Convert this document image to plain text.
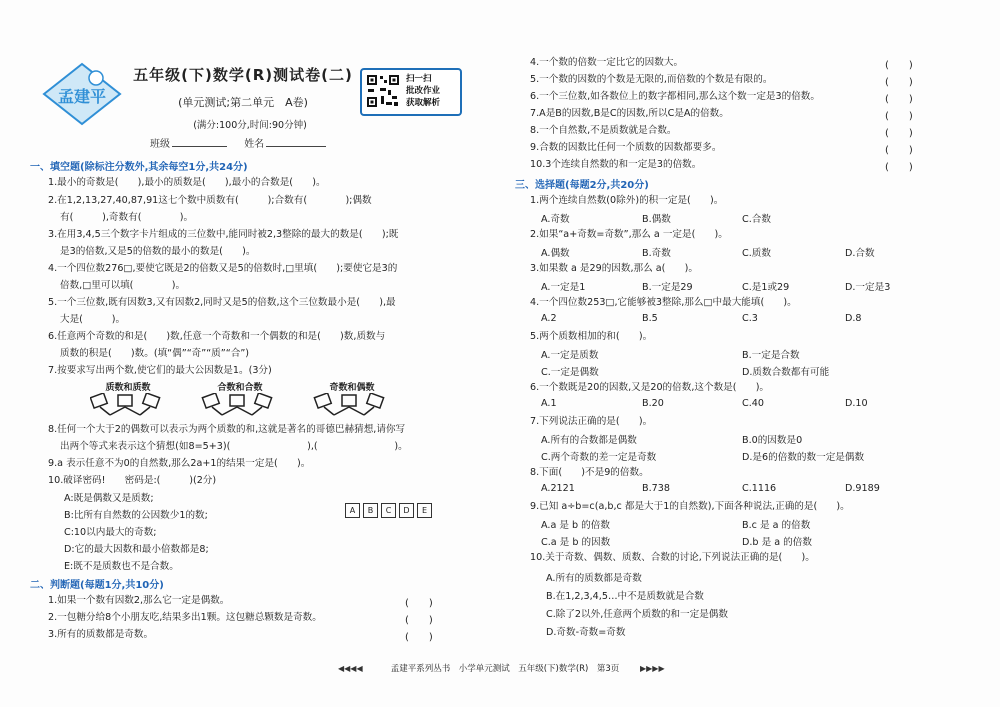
孟建平
五年级(下)数学(R)测试卷(二)
(单元测试;第二单元　A卷)
(满分:100分,时间:90分钟)
班级	姓名
扫一扫
批改作业
获取解析
一、填空题(除标注分数外,其余每空1分,共24分)
1.最小的奇数是(　　),最小的质数是(　　),最小的合数是(　　)。
2.在1,2,13,27,40,87,91这七个数中质数有(　　　);合数有(　　　　);偶数
有(　　　),奇数有(　　　　)。
3.在用3,4,5三个数字卡片组成的三位数中,能同时被2,3整除的最大的数是(　　);既
是3的倍数,又是5的倍数的最小的数是(　　)。
4.一个四位数276□,要使它既是2的倍数又是5的倍数时,□里填(　　);要使它是3的
倍数,□里可以填(　　　　)。
5.一个三位数,既有因数3,又有因数2,同时又是5的倍数,这个三位数最小是(　　),最
大是(　　　)。
6.任意两个奇数的和是(　　)数,任意一个奇数和一个偶数的和是(　　)数,质数与
质数的积是(　　)数。(填“偶”“奇”“质”“合”)
7.按要求写出两个数,使它们的最大公因数是1。(3分)
质数和质数	合数和合数	奇数和偶数
8.任何一个大于2的偶数可以表示为两个质数的和,这就是著名的哥德巴赫猜想,请你写
出两个等式来表示这个猜想(如8=5+3)(　　　　　　　　),(　　　　　　　　)。
9.a 表示任意不为0的自然数,那么2a+1的结果一定是(　　)。
10.破译密码!　　密码是:(　　　)(2分)
A:既是偶数又是质数;
B:比所有自然数的公因数少1的数;
C:10以内最大的奇数;
D:它的最大因数和最小倍数都是8;
E:既不是质数也不是合数。
A	B	C	D	E
二、判断题(每题1分,共10分)
1.如果一个数有因数2,那么它一定是偶数。	(　　)
2.一包糖分给8个小朋友吃,结果多出1颗。这包糖总颗数是奇数。	(　　)
3.所有的质数都是奇数。	(　　)
4.一个数的倍数一定比它的因数大。	(　　)
5.一个数的因数的个数是无限的,而倍数的个数是有限的。	(　　)
6.一个三位数,如各数位上的数字都相同,那么这个数一定是3的倍数。	(　　)
7.A是B的因数,B是C的因数,所以C是A的倍数。	(　　)
8.一个自然数,不是质数就是合数。	(　　)
9.合数的因数比任何一个质数的因数都要多。	(　　)
10.3个连续自然数的和一定是3的倍数。	(　　)
三、选择题(每题2分,共20分)
1.两个连续自然数(0除外)的积一定是(　　)。
A.奇数	B.偶数	C.合数
2.如果“a+奇数=奇数”,那么 a 一定是(　　)。
A.偶数	B.奇数	C.质数	D.合数
3.如果数 a 是29的因数,那么 a(　　)。
A.一定是1	B.一定是29	C.是1或29	D.一定是3
4.一个四位数253□,它能够被3整除,那么□中最大能填(　　)。
A.2	B.5	C.3	D.8
5.两个质数相加的和(　　)。
A.一定是质数	B.一定是合数
C.一定是偶数	D.质数合数都有可能
6.一个数既是20的因数,又是20的倍数,这个数是(　　)。
A.1	B.20	C.40	D.10
7.下列说法正确的是(　　)。
A.所有的合数都是偶数	B.0的因数是0
C.两个奇数的差一定是奇数	D.是6的倍数的数一定是偶数
8.下面(　　)不是9的倍数。
A.2121	B.738	C.1116	D.9189
9.已知 a÷b=c(a,b,c 都是大于1的自然数),下面各种说法,正确的是(　　)。
A.a 是 b 的倍数	B.c 是 a 的倍数
C.a 是 b 的因数	D.b 是 a 的倍数
10.关于奇数、偶数、质数、合数的讨论,下列说法正确的是(　　)。
A.所有的质数都是奇数
B.在1,2,3,4,5…中不是质数就是合数
C.除了2以外,任意两个质数的和一定是偶数
D.奇数-奇数=奇数
◀◀◀◀	孟建平系列丛书　小学单元测试　五年级(下)数学(R)　第3页	▶▶▶▶
